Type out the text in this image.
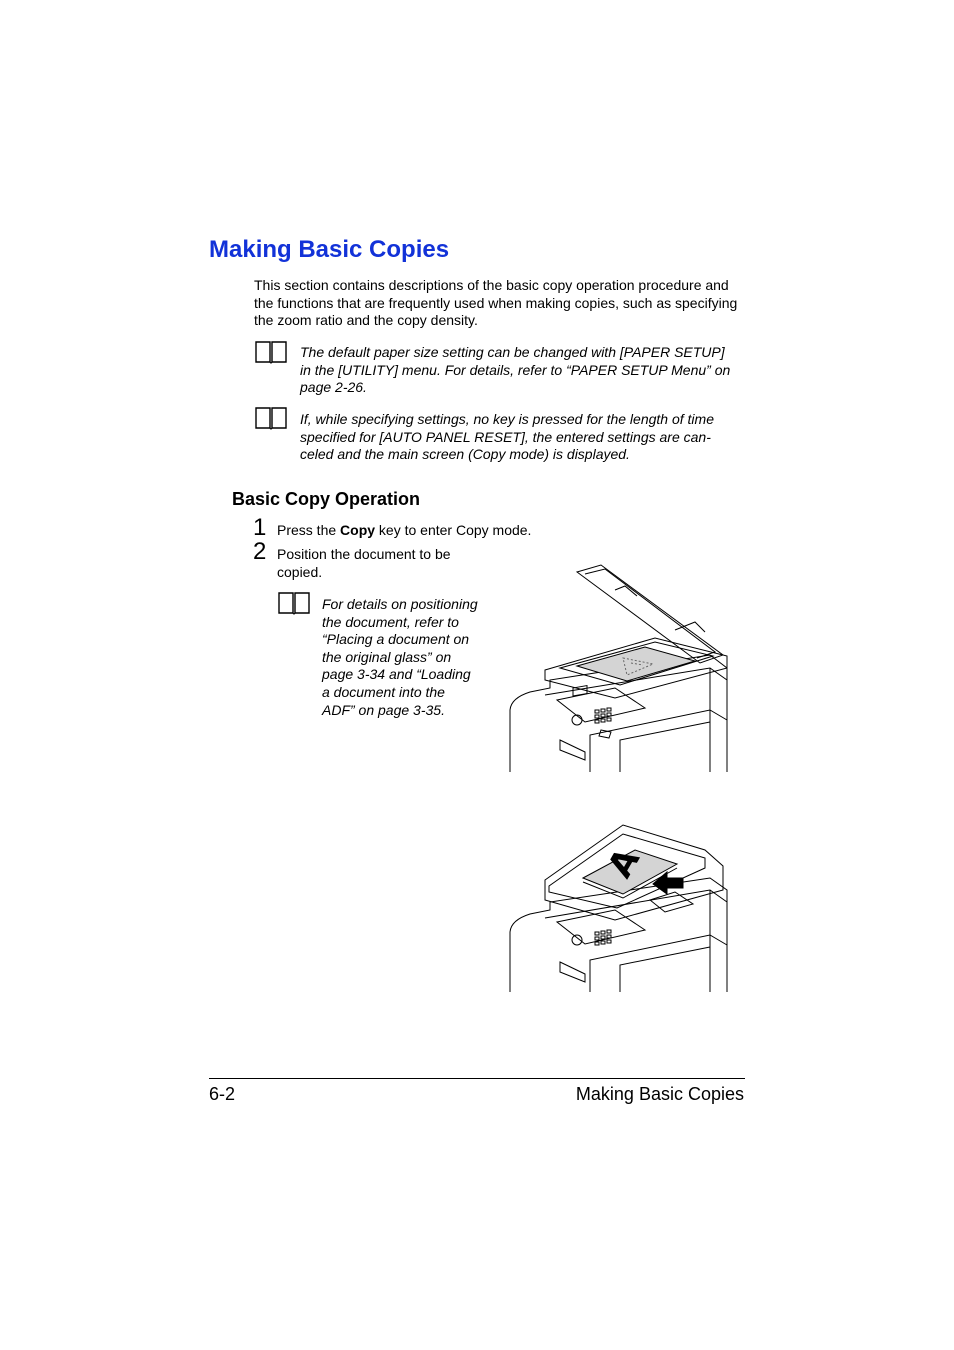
Making Basic Copies
This section contains descriptions of the basic copy operation procedure and the functions that are frequently used when making copies, such as specifying the zoom ratio and the copy density.
The default paper size setting can be changed with [PAPER SETUP]
in the [UTILITY] menu. For details, refer to “PAPER SETUP Menu” on
page 2-26.
If, while specifying settings, no key is pressed for the length of time
specified for [AUTO PANEL RESET], the entered settings are can-
celed and the main screen (Copy mode) is displayed.
Basic Copy Operation
1 Press the Copy key to enter Copy mode.
2 Position the document to be
copied.
For details on positioning
the document, refer to
“Placing a document on
the original glass” on
page 3-34 and “Loading
a document into the
ADF” on page 3-35.
A
6-2	Making Basic Copies
